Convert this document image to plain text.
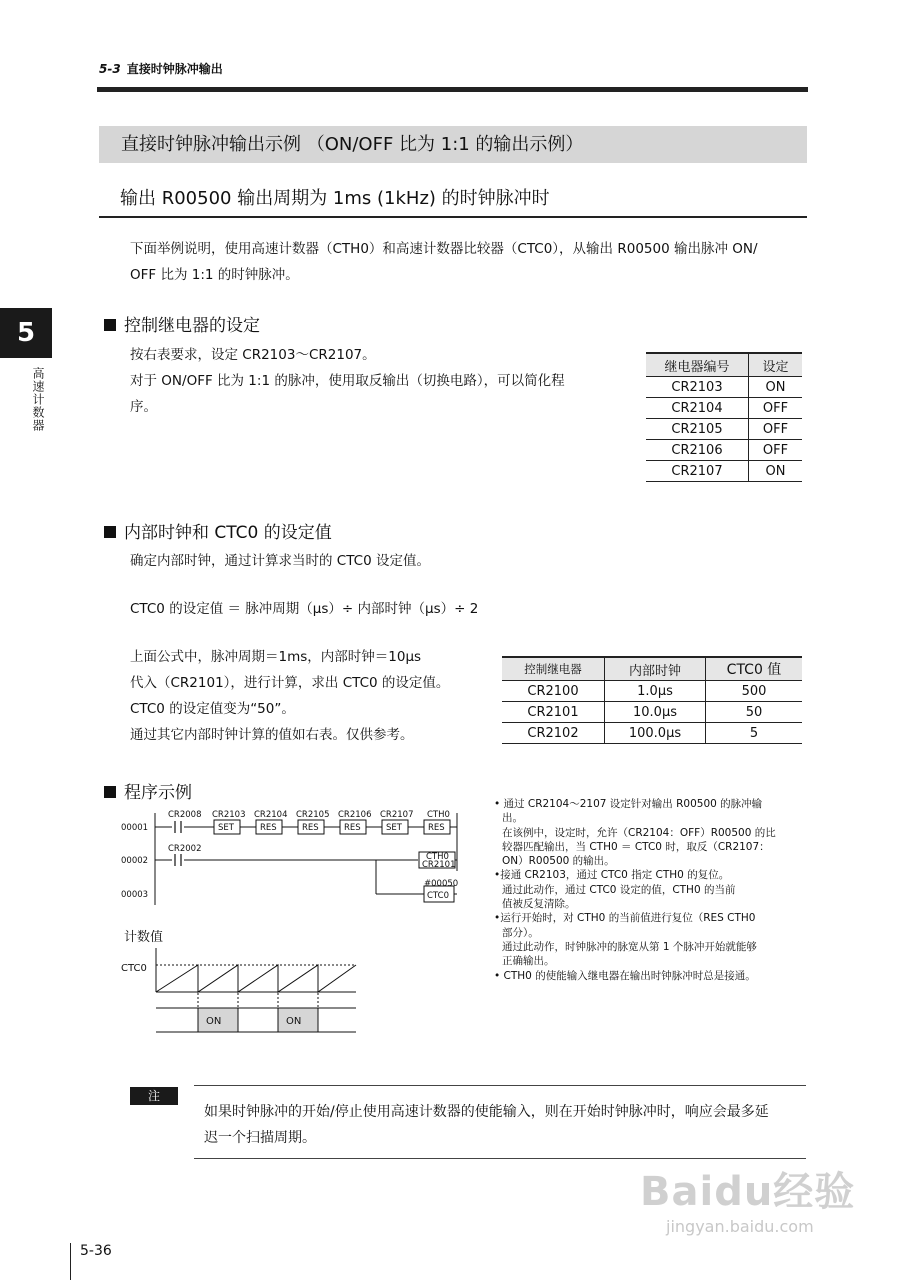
5-3 直接时钟脉冲输出
5
高速计数器
直接时钟脉冲输出示例 （ON/OFF 比为 1:1 的输出示例）
输出 R00500 输出周期为 1ms (1kHz) 的时钟脉冲时
下面举例说明，使用高速计数器（CTH0）和高速计数器比较器（CTC0），从输出 R00500 输出脉冲 ON/
OFF 比为 1:1 的时钟脉冲。
控制继电器的设定
按右表要求，设定 CR2103～CR2107。
对于 ON/OFF 比为 1:1 的脉冲，使用取反输出（切换电路），可以简化程
序。
继电器编号	设定
CR2103	ON
CR2104	OFF
CR2105	OFF
CR2106	OFF
CR2107	ON
内部时钟和 CTC0 的设定值
确定内部时钟，通过计算求当时的 CTC0 设定值。
CTC0 的设定值 ＝ 脉冲周期（μs）÷ 内部时钟（μs）÷ 2
上面公式中，脉冲周期＝1ms，内部时钟＝10μs
代入（CR2101），进行计算，求出 CTC0 的设定值。
CTC0 的设定值变为“50”。
通过其它内部时钟计算的值如右表。仅供参考。
控制继电器	内部时钟	CTC0 值
CR2100	1.0μs	500
CR2101	10.0μs	50
CR2102	100.0μs	5
程序示例
00001
00002
00003
CR2008 CR2103 CR2104 CR2105 CR2106 CR2107 CTH0
SET	RES	RES	RES	SET	RES
CR2002
CTH0
CR2101
#00050
CTC0
计数值
CTC0
ON	ON

• 通过 CR2104～2107 设定针对输出 R00500 的脉冲输

出。

在该例中，设定时，允许（CR2104：OFF）R00500 的比

较器匹配输出，当 CTH0 ＝ CTC0 时，取反（CR2107：

ON）R00500 的输出。

•接通 CR2103，通过 CTC0 指定 CTH0 的复位。

通过此动作，通过 CTC0 设定的值，CTH0 的当前

值被反复清除。

•运行开始时，对 CTH0 的当前值进行复位（RES CTH0

部分）。

通过此动作，时钟脉冲的脉宽从第 1 个脉冲开始就能够

正确输出。

• CTH0 的使能输入继电器在输出时钟脉冲时总是接通。

注
如果时钟脉冲的开始/停止使用高速计数器的使能输入，则在开始时钟脉冲时，响应会最多延
迟一个扫描周期。
Baidu经验
jingyan.baidu.com
5-36
